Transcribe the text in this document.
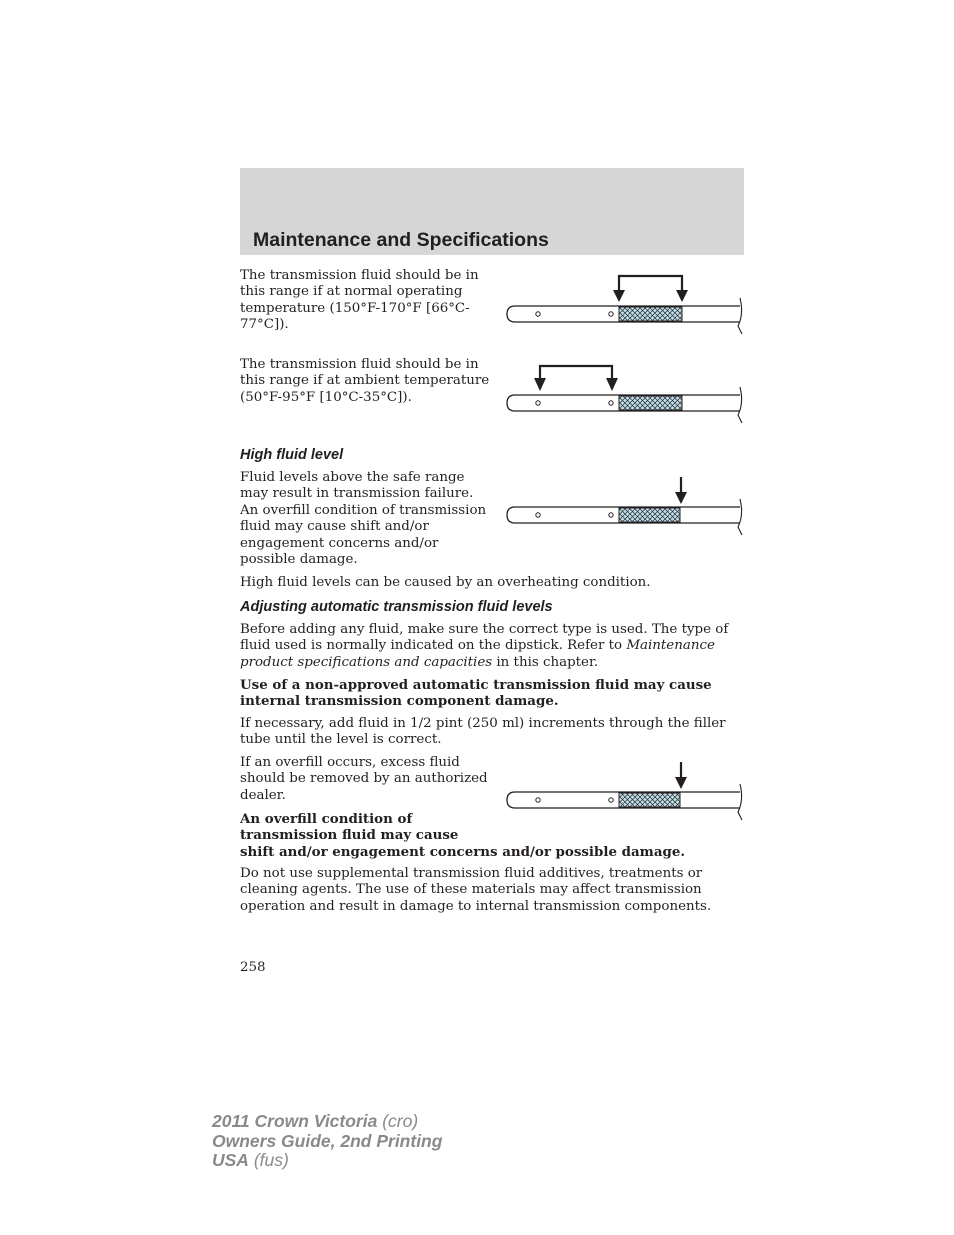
Maintenance and Specifications
The transmission fluid should be in this range if at normal operating temperature (150°F-170°F [66°C-77°C]).
The transmission fluid should be in this range if at ambient temperature (50°F-95°F [10°C-35°C]).
High fluid level
Fluid levels above the safe range may result in transmission failure. An overfill condition of transmission fluid may cause shift and/or engagement concerns and/or possible damage.
High fluid levels can be caused by an overheating condition.
Adjusting automatic transmission fluid levels
Before adding any fluid, make sure the correct type is used. The type of fluid used is normally indicated on the dipstick. Refer to Maintenance product specifications and capacities in this chapter.
Use of a non-approved automatic transmission fluid may cause internal transmission component damage.
If necessary, add fluid in 1/2 pint (250 ml) increments through the filler tube until the level is correct.
If an overfill occurs, excess fluid should be removed by an authorized dealer.
An overfill condition of
transmission fluid may cause
shift and/or engagement concerns and/or possible damage.
Do not use supplemental transmission fluid additives, treatments or cleaning agents. The use of these materials may affect transmission operation and result in damage to internal transmission components.
258
2011 Crown Victoria (cro)
Owners Guide, 2nd Printing
USA (fus)
